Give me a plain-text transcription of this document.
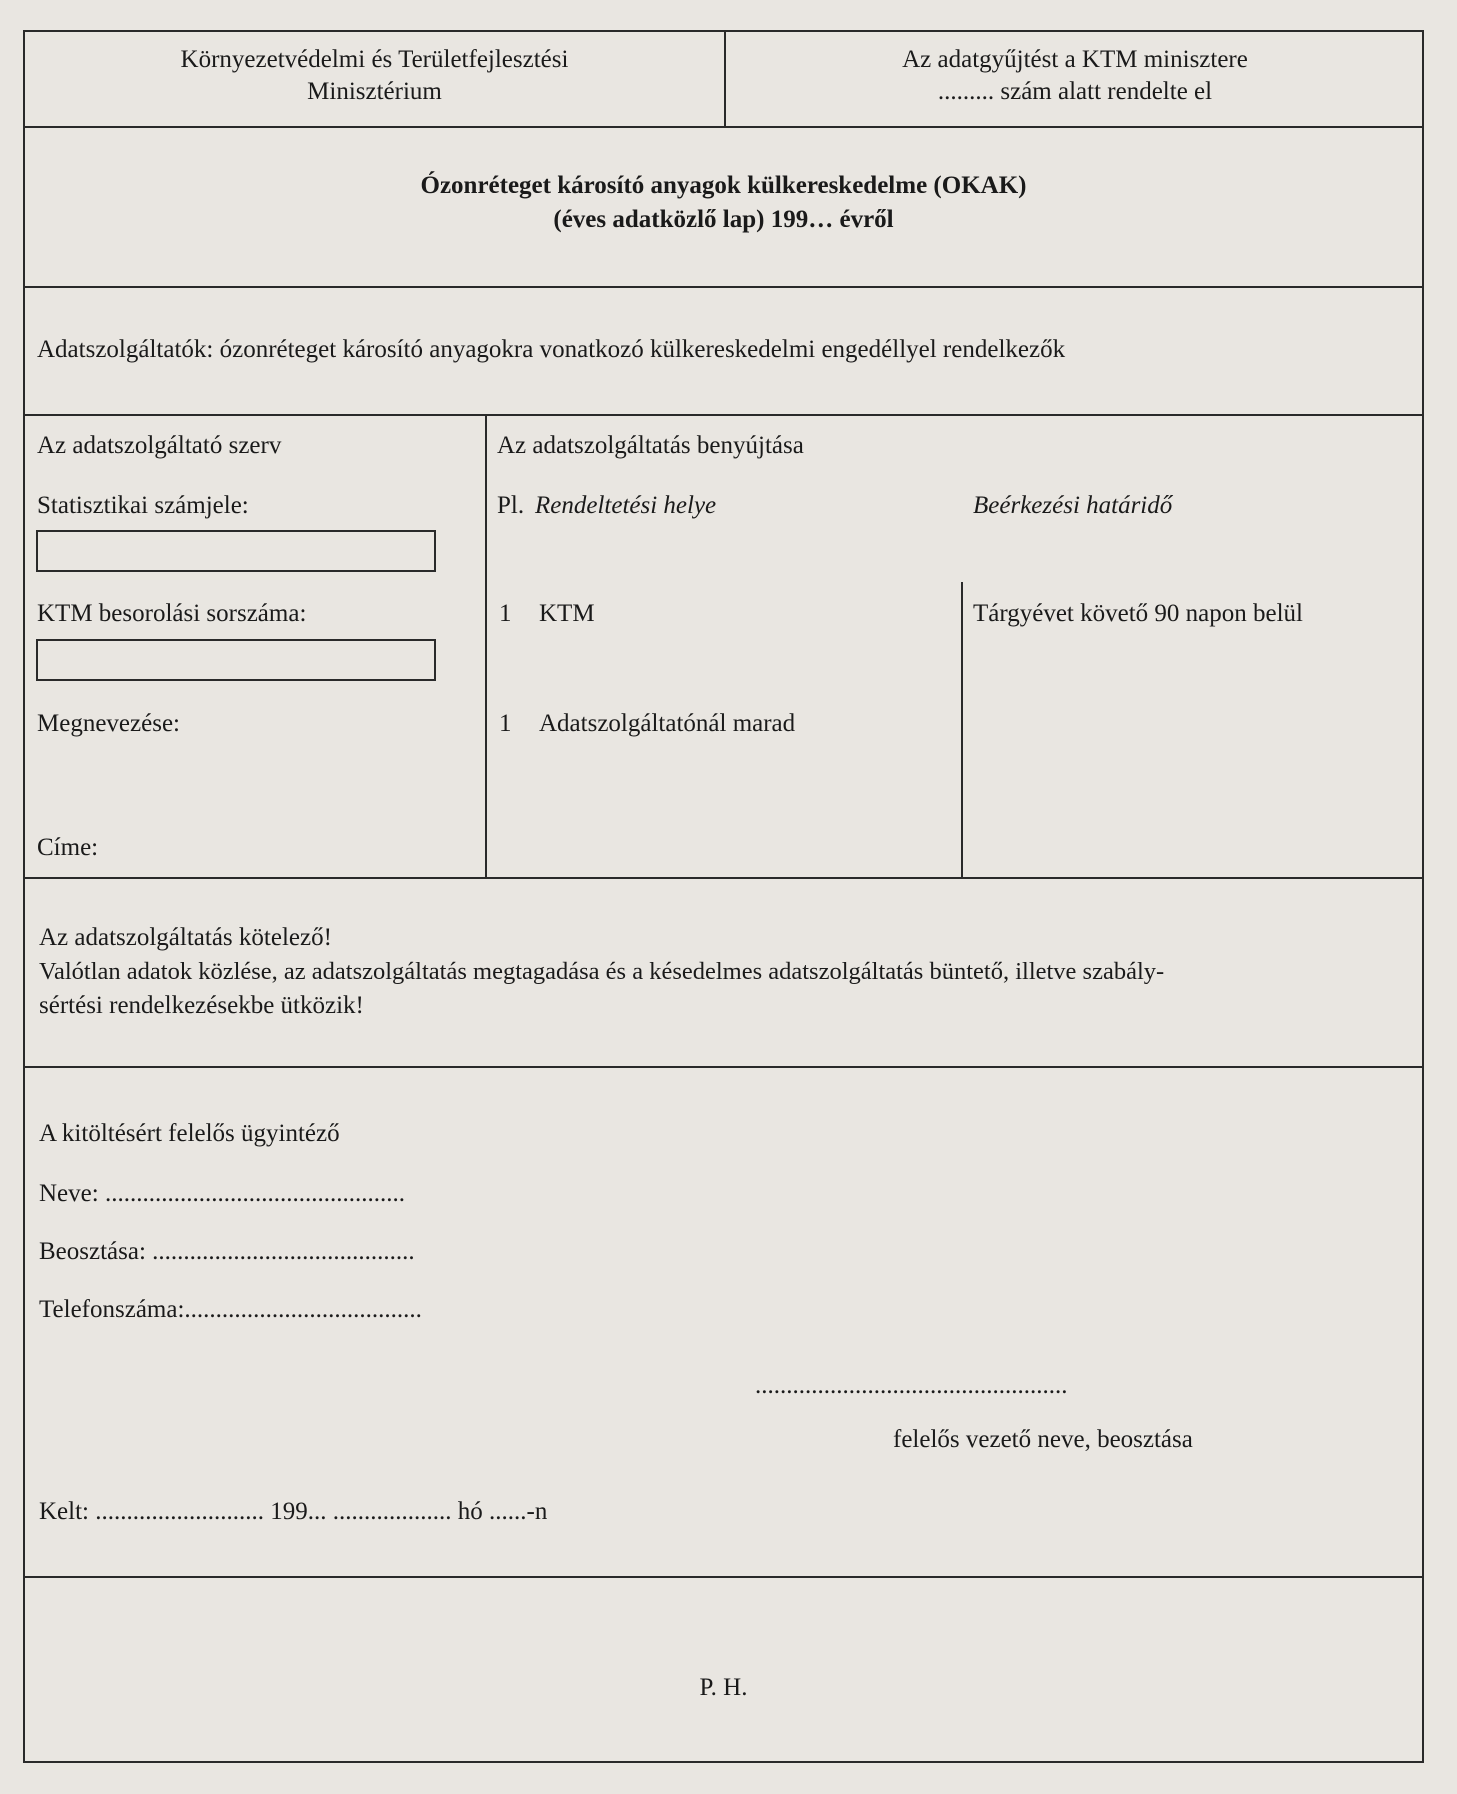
Környezetvédelmi és Területfejlesztési
Minisztérium
Az adatgyűjtést a KTM minisztere
......... szám alatt rendelte el
Ózonréteget károsító anyagok külkereskedelme (OKAK)
(éves adatközlő lap) 199… évről
Adatszolgáltatók: ózonréteget károsító anyagokra vonatkozó külkereskedelmi engedéllyel rendelkezők
Az adatszolgáltató szerv
Statisztikai számjele:
KTM besorolási sorszáma:
Megnevezése:
Címe:
Az adatszolgáltatás benyújtása
Pl. Rendeltetési helye	Beérkezési határidő
1 KTM	Tárgyévet követő 90 napon belül
1 Adatszolgáltatónál marad
Az adatszolgáltatás kötelező!
Valótlan adatok közlése, az adatszolgáltatás megtagadása és a késedelmes adatszolgáltatás büntető, illetve szabály-
sértési rendelkezésekbe ütközik!
A kitöltésért felelős ügyintéző
Neve: ................................................
Beosztása: ..........................................
Telefonszáma:......................................
..................................................
felelős vezető neve, beosztása
Kelt: ........................... 199... ................... hó ......-n
P. H.
